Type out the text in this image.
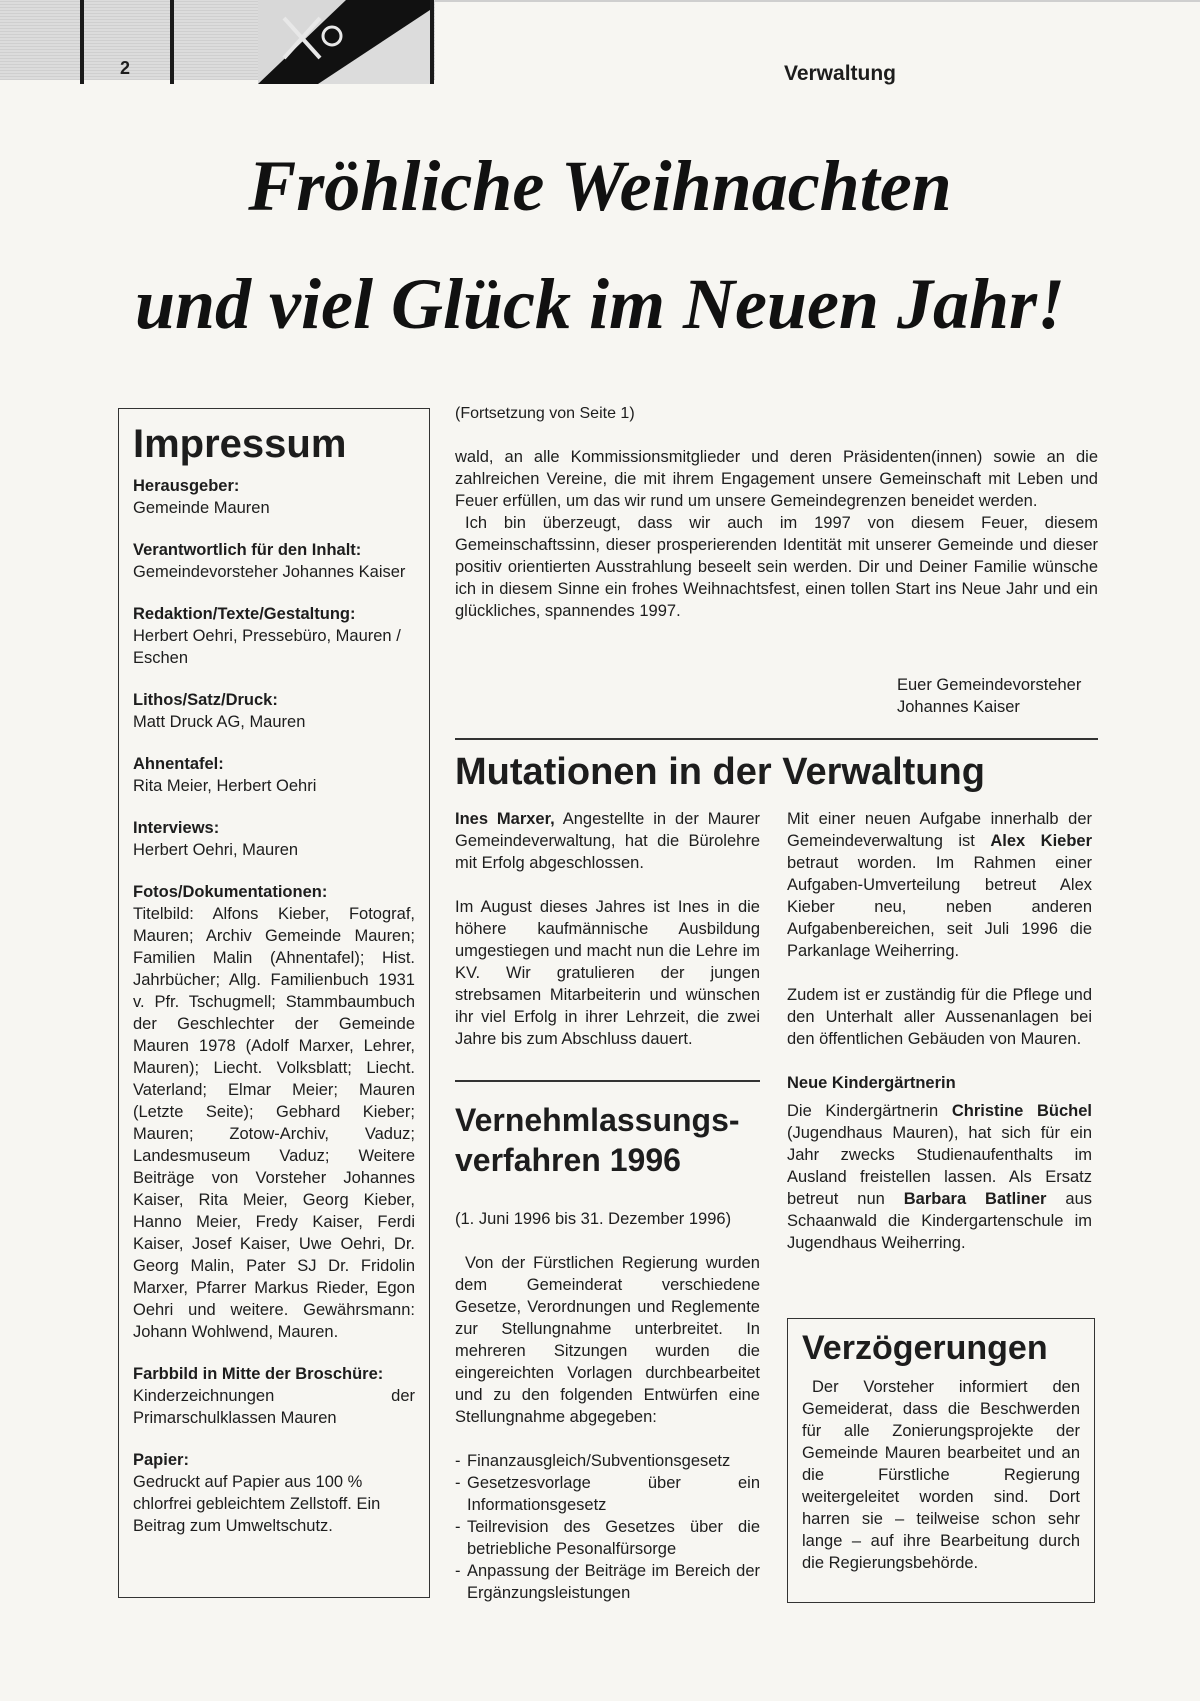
2	Verwaltung
Fröhliche Weihnachten
und viel Glück im Neuen Jahr!
Impressum

Herausgeber:

Gemeinde Mauren

Verantwortlich für den Inhalt:

Gemeindevorsteher Johannes Kaiser

Redaktion/Texte/Gestaltung:

Herbert Oehri, Pressebüro, Mauren / Eschen

Lithos/Satz/Druck:

Matt Druck AG, Mauren

Ahnentafel:

Rita Meier, Herbert Oehri

Interviews:

Herbert Oehri, Mauren

Fotos/Dokumentationen:

Titelbild: Alfons Kieber, Fotograf, Mauren; Archiv Gemeinde Mauren; Familien Malin (Ahnentafel); Hist. Jahrbücher; Allg. Familienbuch 1931 v. Pfr. Tschugmell; Stammbaumbuch der Geschlechter der Gemeinde Mauren 1978 (Adolf Marxer, Lehrer, Mauren); Liecht. Volksblatt; Liecht. Vaterland; Elmar Meier; Mauren (Letzte Seite); Gebhard Kieber; Mauren; Zotow-Archiv, Vaduz; Landesmuseum Vaduz; Weitere Beiträge von Vorsteher Johannes Kaiser, Rita Meier, Georg Kieber, Hanno Meier, Fredy Kaiser, Ferdi Kaiser, Josef Kaiser, Uwe Oehri, Dr. Georg Malin, Pater SJ Dr. Fridolin Marxer, Pfarrer Markus Rieder, Egon Oehri und weitere. Gewährsmann: Johann Wohlwend, Mauren.

Farbbild in Mitte der Broschüre:

Kinderzeichnungen der Primarschulklassen Mauren

Papier:

Gedruckt auf Papier aus 100 % chlorfrei gebleichtem Zellstoff. Ein Beitrag zum Umweltschutz.

(Fortsetzung von Seite 1)

wald, an alle Kommissionsmitglieder und deren Präsidenten(innen) sowie an die zahlreichen Vereine, die mit ihrem Engagement unsere Gemeinschaft mit Leben und Feuer erfüllen, um das wir rund um unsere Gemeindegrenzen beneidet werden.

Ich bin überzeugt, dass wir auch im 1997 von diesem Feuer, diesem Gemeinschaftssinn, dieser prosperierenden Identität mit unserer Gemeinde und dieser positiv orientierten Ausstrahlung beseelt sein werden. Dir und Deiner Familie wünsche ich in diesem Sinne ein frohes Weihnachtsfest, einen tollen Start ins Neue Jahr und ein glückliches, spannendes 1997.

Euer Gemeindevorsteher
Johannes Kaiser
Mutationen in der Verwaltung

Ines Marxer, Angestellte in der Maurer Gemeindeverwaltung, hat die Bürolehre mit Erfolg abgeschlossen.

Im August dieses Jahres ist Ines in die höhere kaufmännische Ausbildung umgestiegen und macht nun die Lehre im KV. Wir gratulieren der jungen strebsamen Mitarbeiterin und wünschen ihr viel Erfolg in ihrer Lehrzeit, die zwei Jahre bis zum Abschluss dauert.

Mit einer neuen Aufgabe innerhalb der Gemeindeverwaltung ist Alex Kieber betraut worden. Im Rahmen einer Aufgaben-Umverteilung betreut Alex Kieber neu, neben anderen Aufgabenbereichen, seit Juli 1996 die Parkanlage Weiherring.

Zudem ist er zuständig für die Pflege und den Unterhalt aller Aussenanlagen bei den öffentlichen Gebäuden von Mauren.

Neue Kindergärtnerin

Die Kindergärtnerin Christine Büchel (Jugendhaus Mauren), hat sich für ein Jahr zwecks Studienaufenthalts im Ausland freistellen lassen. Als Ersatz betreut nun Barbara Batliner aus Schaanwald die Kindergartenschule im Jugendhaus Weiherring.

Vernehmlassungs-
verfahren 1996
(1. Juni 1996 bis 31. Dezember 1996)

Von der Fürstlichen Regierung wurden dem Gemeinderat verschiedene Gesetze, Verordnungen und Reglemente zur Stellungnahme unterbreitet. In mehreren Sitzungen wurden die eingereichten Vorlagen durchbearbeitet und zu den folgenden Entwürfen eine Stellungnahme abgegeben:

- Finanzausgleich/Subventionsgesetz
- Gesetzesvorlage über ein Informationsgesetz
- Teilrevision des Gesetzes über die betriebliche Pesonalfürsorge
- Anpassung der Beiträge im Bereich der Ergänzungsleistungen
Verzögerungen

Der Vorsteher informiert den Gemeiderat, dass die Beschwerden für alle Zonierungsprojekte der Gemeinde Mauren bearbeitet und an die Fürstliche Regierung weitergeleitet worden sind. Dort harren sie – teilweise schon sehr lange – auf ihre Bearbeitung durch die Regierungsbehörde.
